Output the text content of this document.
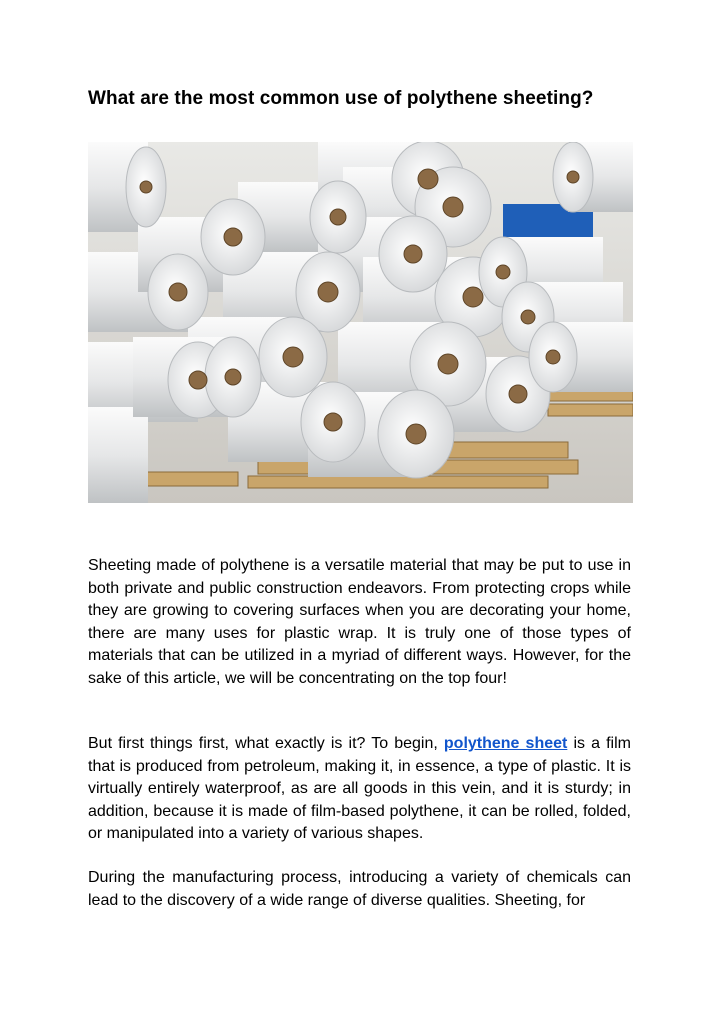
What are the most common use of polythene sheeting?

Sheeting made of polythene is a versatile material that may be put to use in both private and public construction endeavors. From protecting crops while they are growing to covering surfaces when you are decorating your home, there are many uses for plastic wrap. It is truly one of those types of materials that can be utilized in a myriad of different ways. However, for the sake of this article, we will be concentrating on the top four!

But first things first, what exactly is it? To begin, polythene sheet is a film that is produced from petroleum, making it, in essence, a type of plastic. It is virtually entirely waterproof, as are all goods in this vein, and it is sturdy; in addition, because it is made of film-based polythene, it can be rolled, folded, or manipulated into a variety of various shapes.

During the manufacturing process, introducing a variety of chemicals can lead to the discovery of a wide range of diverse qualities. Sheeting, for
